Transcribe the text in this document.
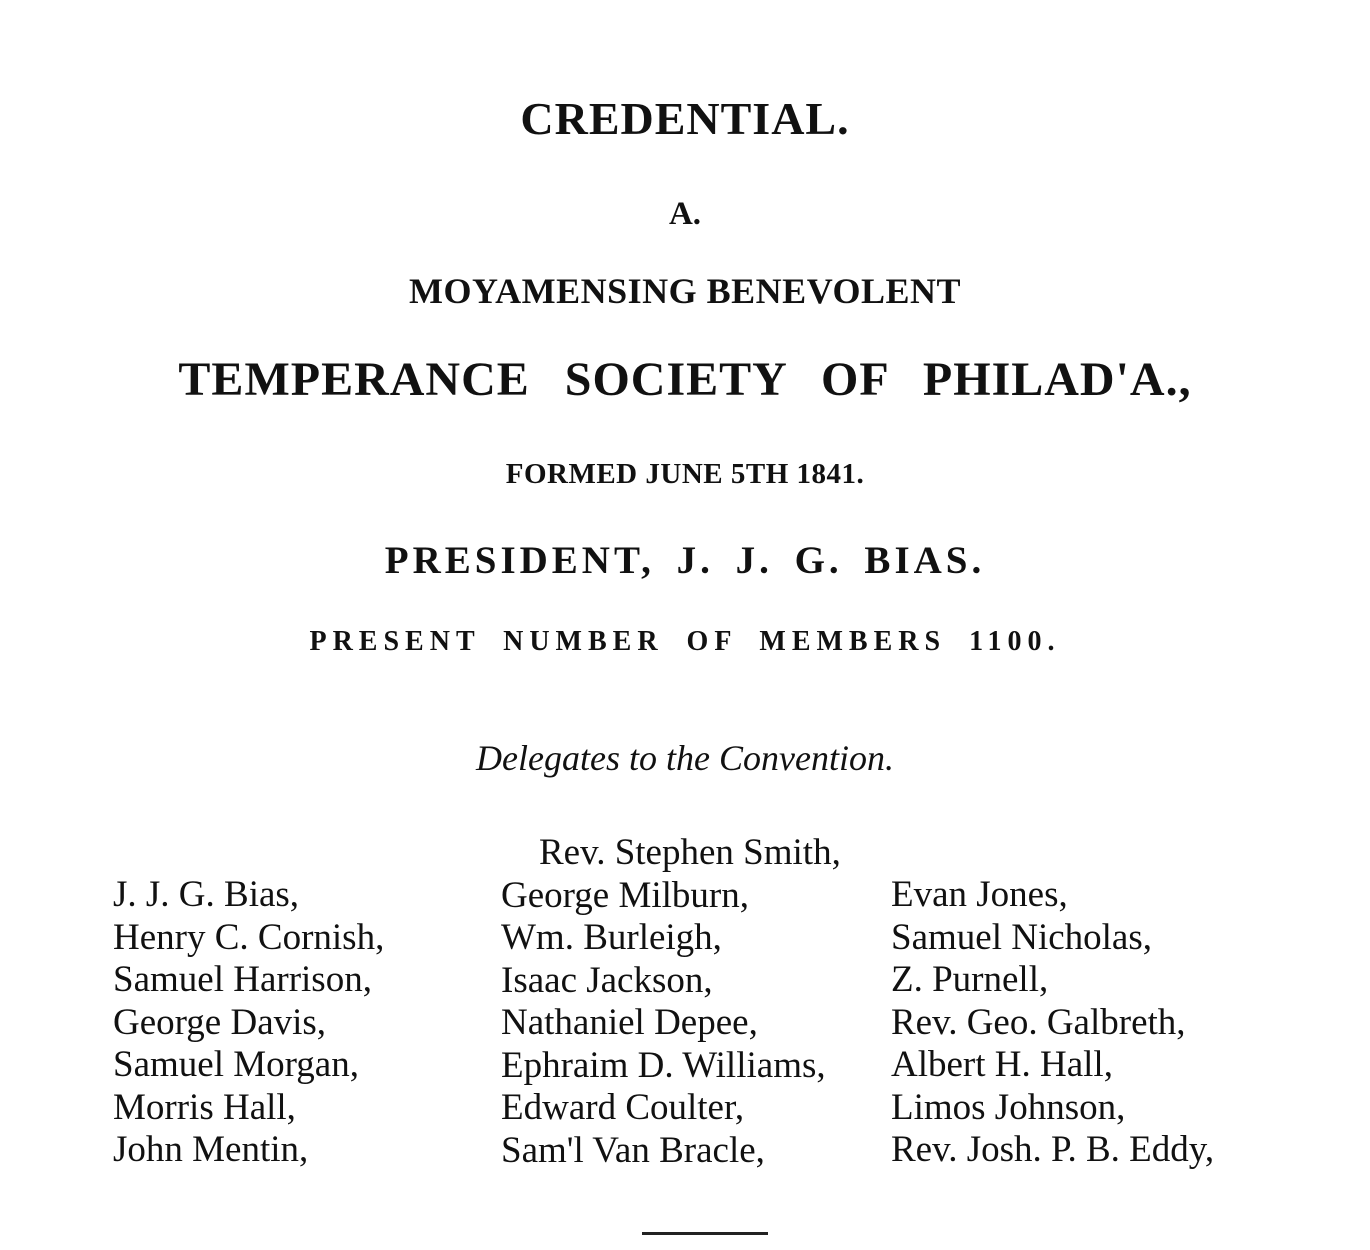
CREDENTIAL.
A.
MOYAMENSING BENEVOLENT
TEMPERANCE SOCIETY OF PHILAD'A.,
FORMED JUNE 5TH 1841.
PRESIDENT, J. J. G. BIAS.
PRESENT NUMBER OF MEMBERS 1100.
Delegates to the Convention.
J. J. G. Bias,
Henry C. Cornish,
Samuel Harrison,
George Davis,
Samuel Morgan,
Morris Hall,
John Mentin,
Rev. Stephen Smith,
George Milburn,
Wm. Burleigh,
Isaac Jackson,
Nathaniel Depee,
Ephraim D. Williams,
Edward Coulter,
Sam'l Van Bracle,
Evan Jones,
Samuel Nicholas,
Z. Purnell,
Rev. Geo. Galbreth,
Albert H. Hall,
Limos Johnson,
Rev. Josh. P. B. Eddy,
